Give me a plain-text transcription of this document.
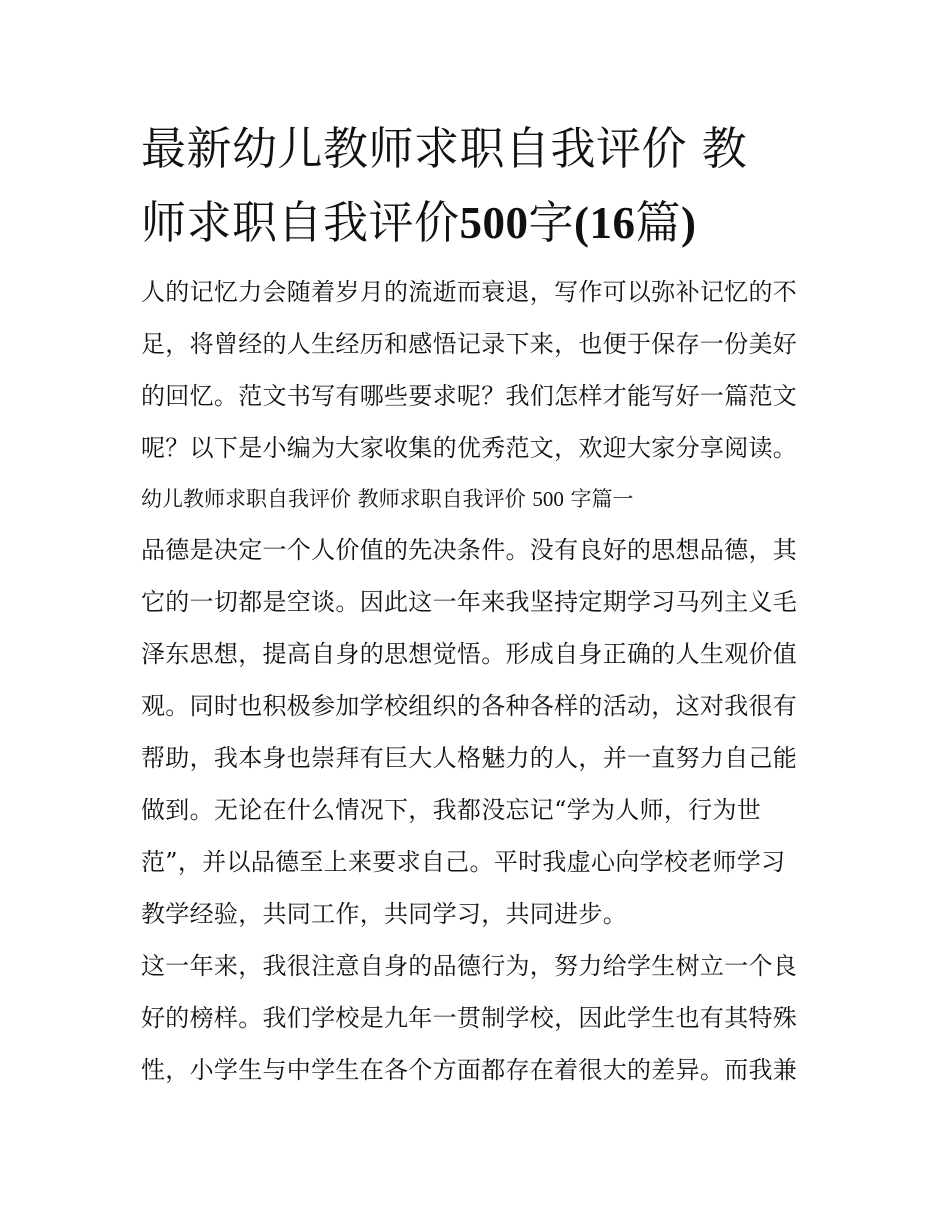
最新幼儿教师求职自我评价 教
师求职自我评价500字(16篇)
人的记忆力会随着岁月的流逝而衰退，写作可以弥补记忆的不
足，将曾经的人生经历和感悟记录下来，也便于保存一份美好
的回忆。范文书写有哪些要求呢？我们怎样才能写好一篇范文
呢？以下是小编为大家收集的优秀范文，欢迎大家分享阅读。
幼儿教师求职自我评价 教师求职自我评价 500 字篇一
品德是决定一个人价值的先决条件。没有良好的思想品德，其
它的一切都是空谈。因此这一年来我坚持定期学习马列主义毛
泽东思想，提高自身的思想觉悟。形成自身正确的人生观价值
观。同时也积极参加学校组织的各种各样的活动，这对我很有
帮助，我本身也崇拜有巨大人格魅力的人，并一直努力自己能
做到。无论在什么情况下，我都没忘记“学为人师，行为世
范”，并以品德至上来要求自己。平时我虚心向学校老师学习
教学经验，共同工作，共同学习，共同进步。
这一年来，我很注意自身的品德行为，努力给学生树立一个良
好的榜样。我们学校是九年一贯制学校，因此学生也有其特殊
性，小学生与中学生在各个方面都存在着很大的差异。而我兼
